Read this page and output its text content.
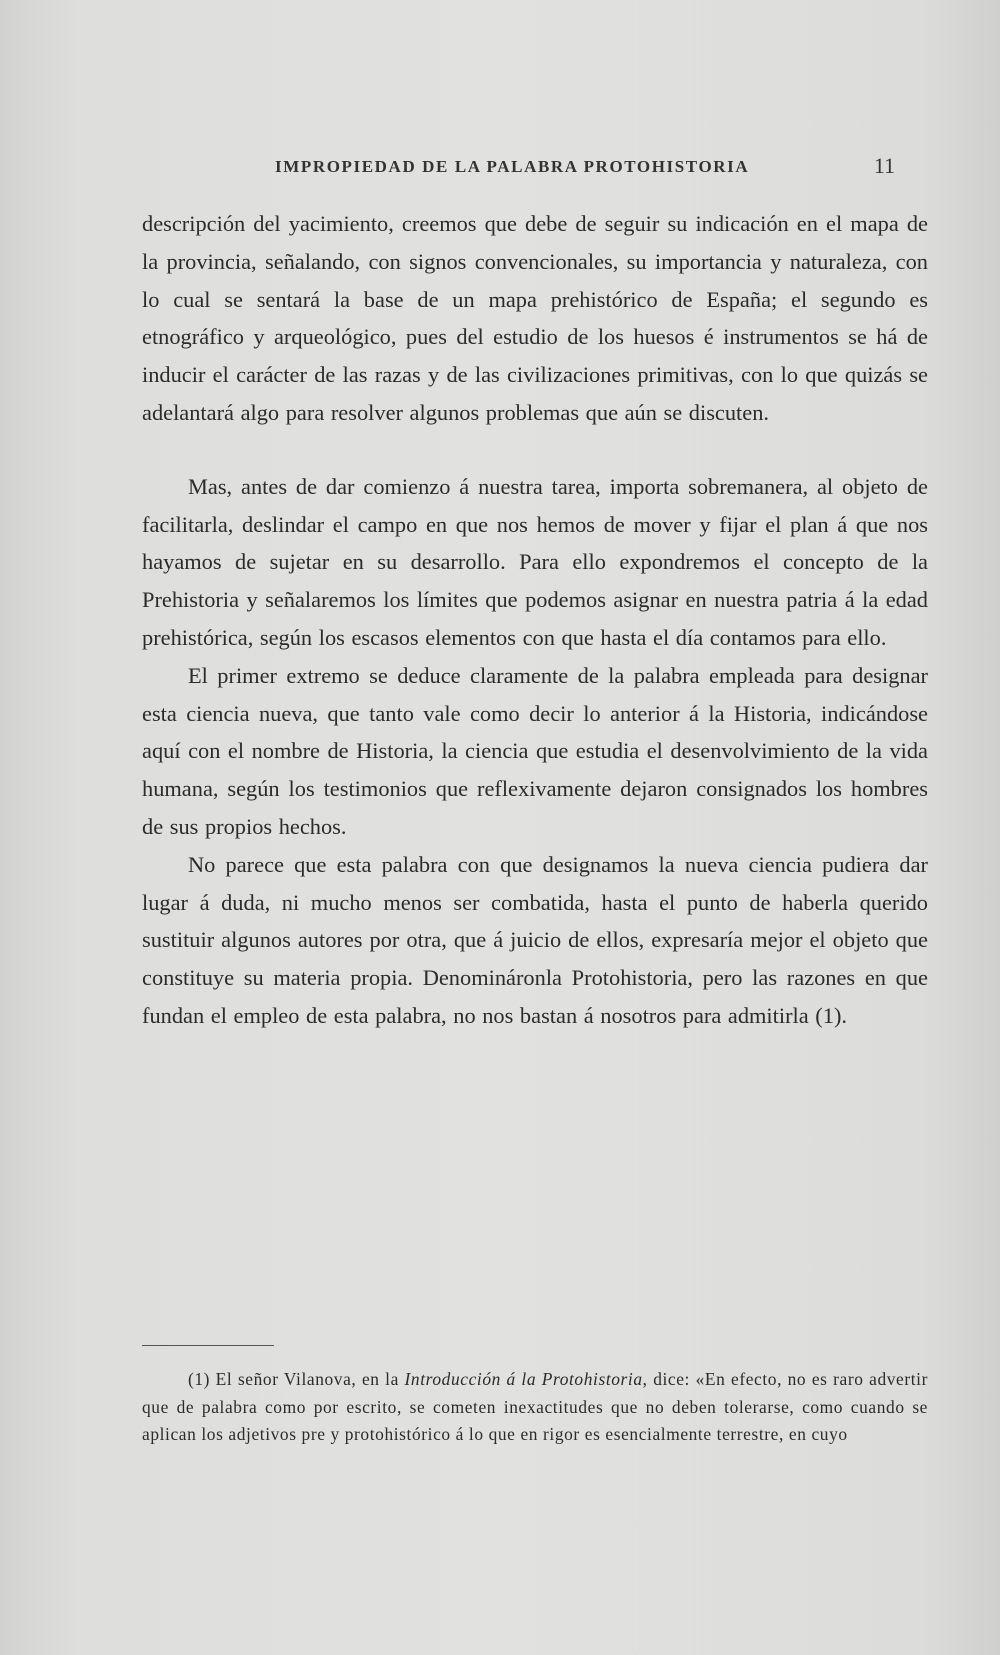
IMPROPIEDAD DE LA PALABRA PROTOHISTORIA	11

descripción del yacimiento, creemos que debe de seguir su indicación en el mapa de la provincia, señalando, con signos convencionales, su importancia y naturaleza, con lo cual se sentará la base de un mapa prehistórico de España; el segundo es etnográfico y arqueológico, pues del estudio de los huesos é instrumentos se há de inducir el carácter de las razas y de las civilizaciones primitivas, con lo que quizás se adelantará algo para resolver algunos problemas que aún se discuten.

Mas, antes de dar comienzo á nuestra tarea, importa sobremanera, al objeto de facilitarla, deslindar el campo en que nos hemos de mover y fijar el plan á que nos hayamos de sujetar en su desarrollo. Para ello expondremos el concepto de la Prehistoria y señalaremos los límites que podemos asignar en nuestra patria á la edad prehistórica, según los escasos elementos con que hasta el día contamos para ello.

El primer extremo se deduce claramente de la palabra empleada para designar esta ciencia nueva, que tanto vale como decir lo anterior á la Historia, indicándose aquí con el nombre de Historia, la ciencia que estudia el desenvolvimiento de la vida humana, según los testimonios que reflexivamente dejaron consignados los hombres de sus propios hechos.

No parece que esta palabra con que designamos la nueva ciencia pudiera dar lugar á duda, ni mucho menos ser combatida, hasta el punto de haberla querido sustituir algunos autores por otra, que á juicio de ellos, expresaría mejor el objeto que constituye su materia propia. Denomináronla Protohistoria, pero las razones en que fundan el empleo de esta palabra, no nos bastan á nosotros para admitirla (1).

(1) El señor Vilanova, en la Introducción á la Protohistoria, dice: «En efecto, no es raro advertir que de palabra como por escrito, se cometen inexactitudes que no deben tolerarse, como cuando se aplican los adjetivos pre y protohistórico á lo que en rigor es esencialmente terrestre, en cuyo
